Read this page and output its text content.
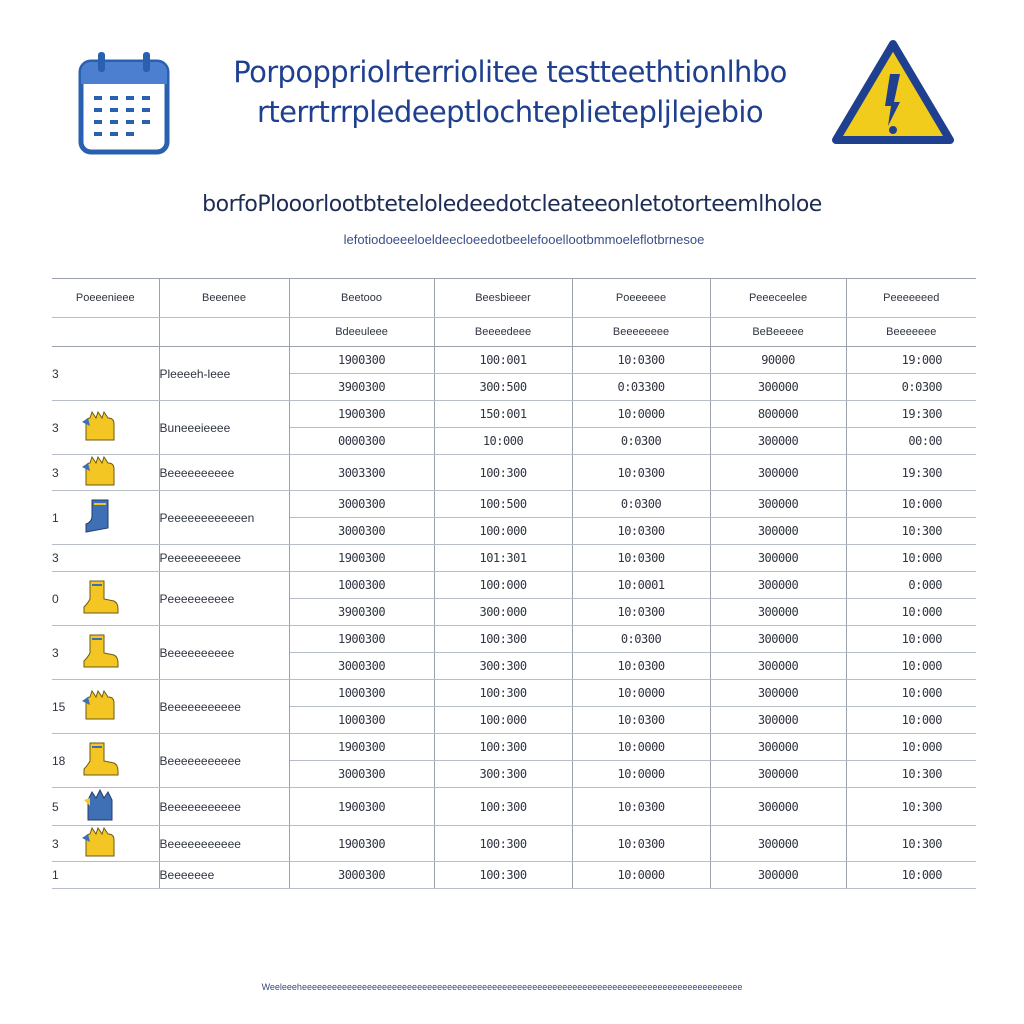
Porpoppriolrterriolitee testteethtionlhbo
rterrtrrpledeeptlochteplietepljlejebio
borfoPlooorlootbteteloledeedotcleateeonletotorteemlholoe
lefotiodoeeeloeldeecloeedotbeelefooellootbmmoeleflotbrnesoe
Poeeenieee		Beeenee	Beetooo	Beesbieeer	Poeeeeee	Peeeceelee	Peeeeeeed
			Bdeeuleee	Beeeedeee	Beeeeeeee	BeBeeeee	Beeeeeee
3		Pleeeeh-leee	1900300	100:001	10:0300	90000	19:000
			3900300	300:500	0:03300	300000	0:0300
3		Buneeeieeee	1900300	150:001	10:0000	800000	19:300
			0000300	10:000	0:0300	300000	00:00
3		Beeeeeeeeee	3003300	100:300	10:0300	300000	19:300
1		Peeeeeeeeeeeen	3000300	100:500	0:0300	300000	10:000
			3000300	100:000	10:0300	300000	10:300
3		Peeeeeeeeeee	1900300	101:301	10:0300	300000	10:000
0		Peeeeeeeeee	1000300	100:000	10:0001	300000	0:000
			3900300	300:000	10:0300	300000	10:000
3		Beeeeeeeeee	1900300	100:300	0:0300	300000	10:000
			3000300	300:300	10:0300	300000	10:000
15		Beeeeeeeeeee	1000300	100:300	10:0000	300000	10:000
			1000300	100:000	10:0300	300000	10:000
18		Beeeeeeeeeee	1900300	100:300	10:0000	300000	10:000
			3000300	300:300	10:0000	300000	10:300
5		Beeeeeeeeeee	1900300	100:300	10:0300	300000	10:300
3		Beeeeeeeeeee	1900300	100:300	10:0300	300000	10:300
1		Beeeeeee	3000300	100:300	10:0000	300000	10:000
Weeleeeheeeeeeeeeeeeeeeeeeeeeeeeeeeeeeeeeeeeeeeeeeeeeeeeeeeeeeeeeeeeeeeeeeeeeeeeeeeeeeeeeeeeeeee
